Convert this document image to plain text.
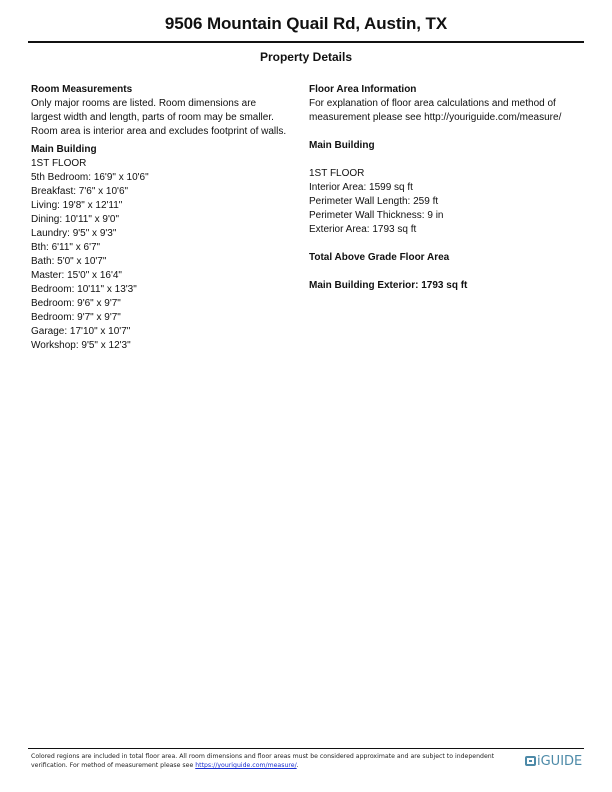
9506 Mountain Quail Rd, Austin, TX
Property Details
Room Measurements
Only major rooms are listed. Room dimensions are
largest width and length, parts of room may be smaller.
Room area is interior area and excludes footprint of walls.
Main Building
1ST FLOOR
5th Bedroom: 16'9" x 10'6"
Breakfast: 7'6" x 10'6"
Living: 19'8" x 12'11"
Dining: 10'11" x 9'0"
Laundry: 9'5" x 9'3"
Bth: 6'11" x 6'7"
Bath: 5'0" x 10'7"
Master: 15'0" x 16'4"
Bedroom: 10'11" x 13'3"
Bedroom: 9'6" x 9'7"
Bedroom: 9'7" x 9'7"
Garage: 17'10" x 10'7"
Workshop: 9'5" x 12'3"
Floor Area Information
For explanation of floor area calculations and method of
measurement please see http://youriguide.com/measure/
Main Building
1ST FLOOR
Interior Area: 1599 sq ft
Perimeter Wall Length: 259 ft
Perimeter Wall Thickness: 9 in
Exterior Area: 1793 sq ft
Total Above Grade Floor Area
Main Building Exterior: 1793 sq ft
Colored regions are included in total floor area. All room dimensions and floor areas must be considered approximate and are subject to independent
verification. For method of measurement please see https://youriguide.com/measure/.	iGUIDE
